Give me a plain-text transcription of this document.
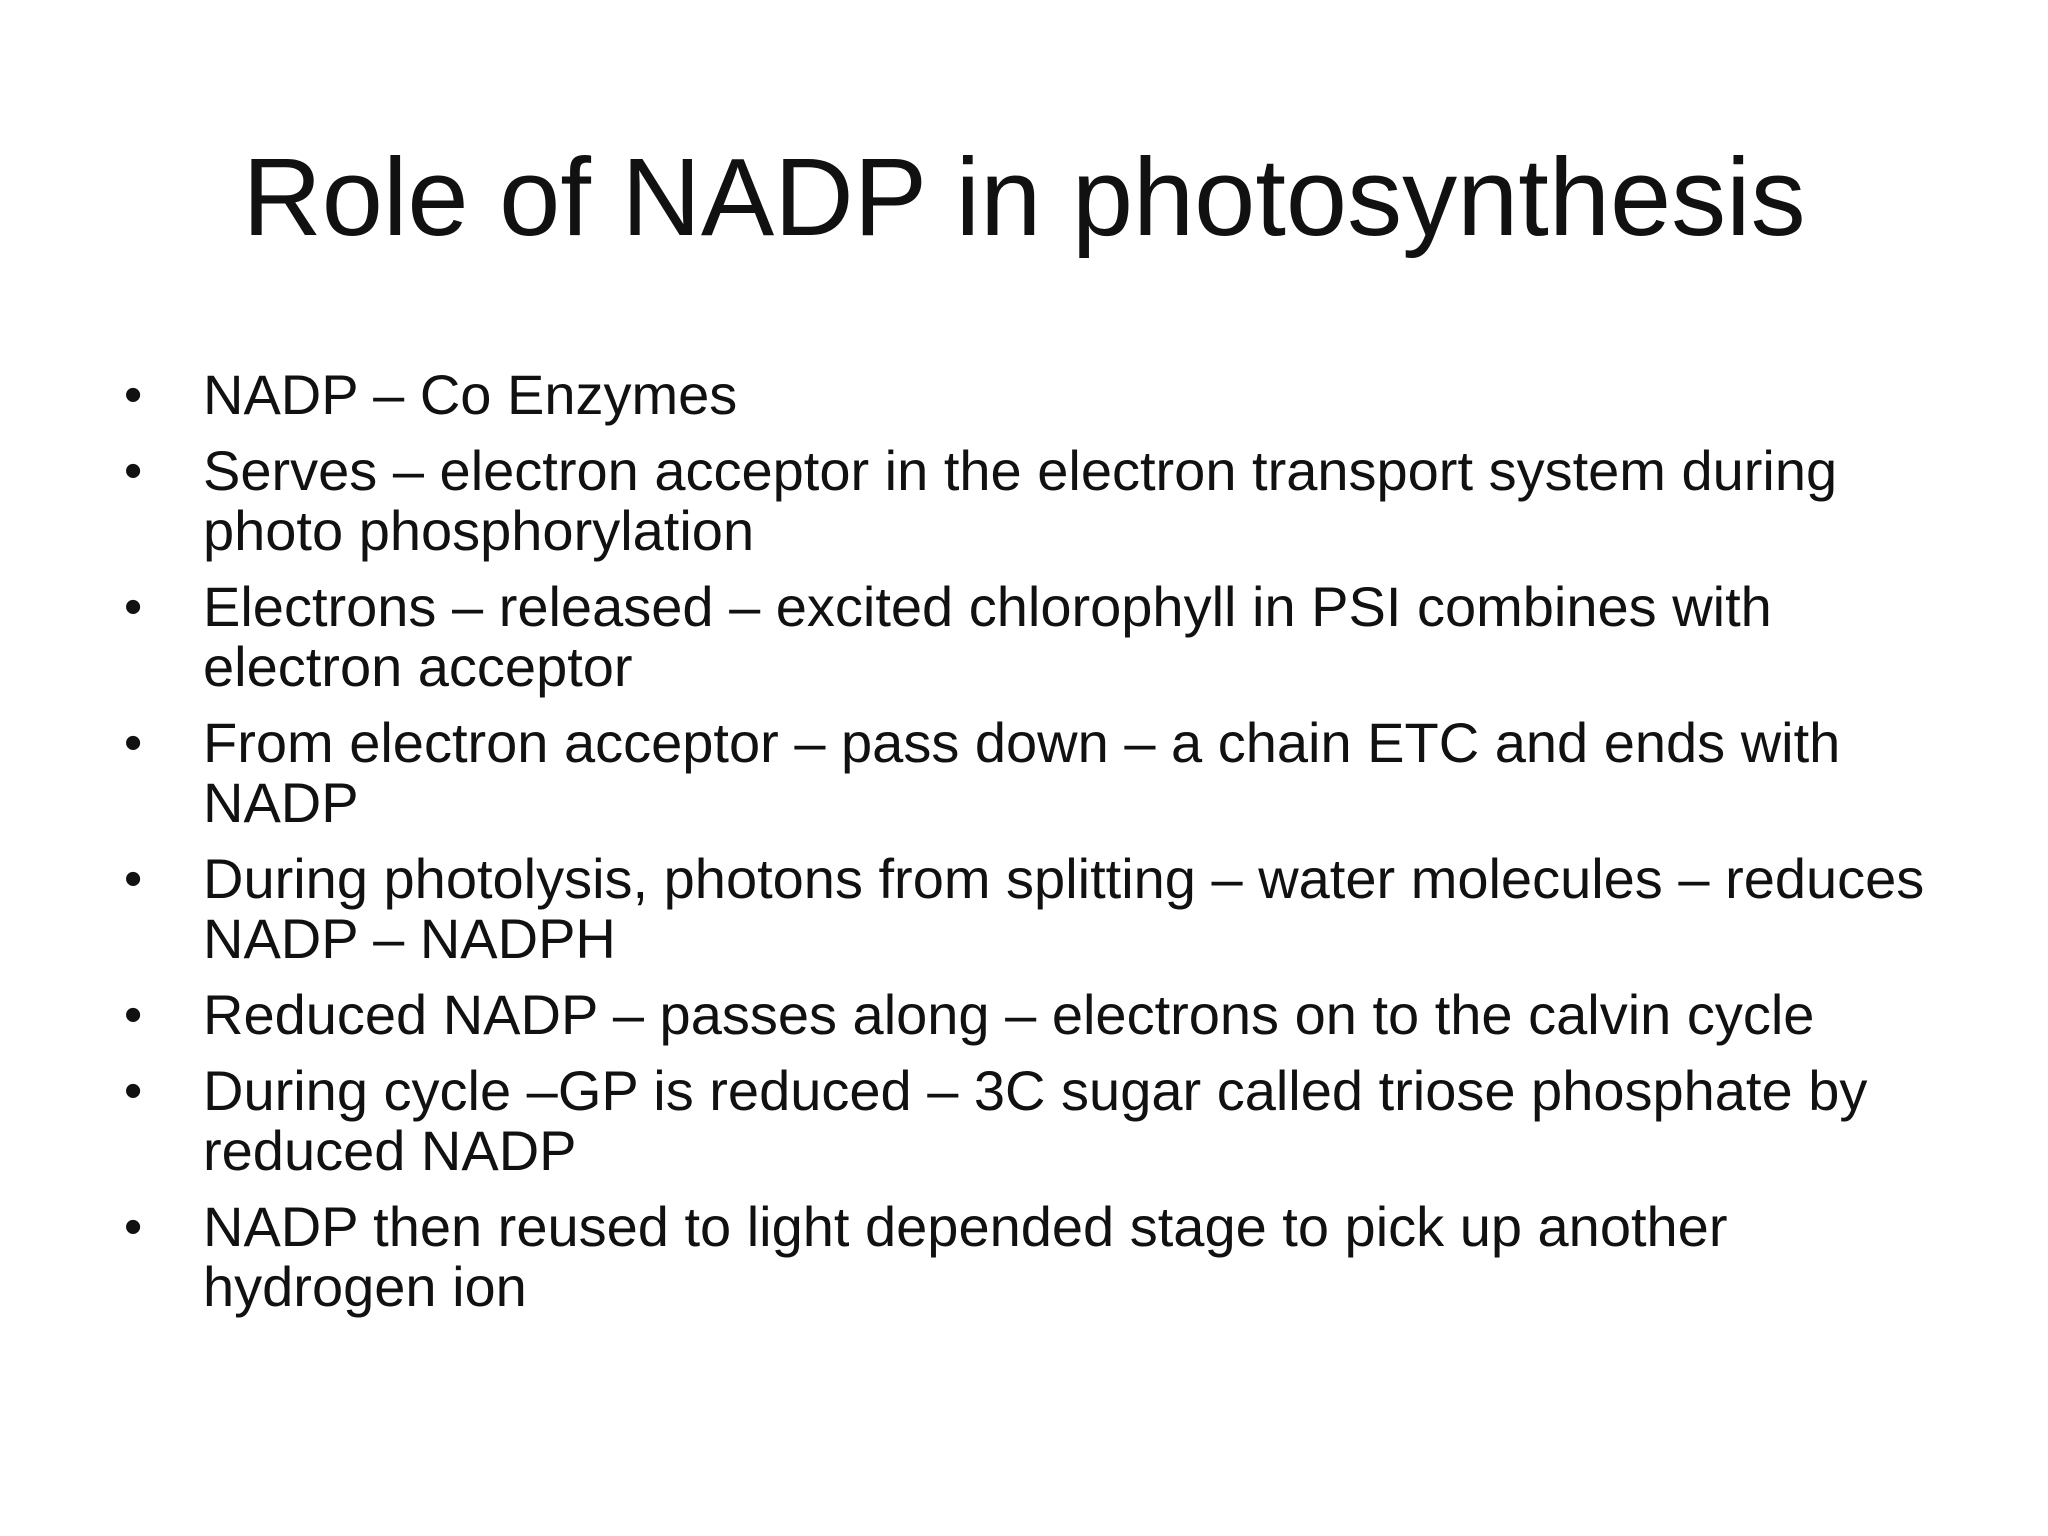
Role of NADP in photosynthesis
•	NADP – Co Enzymes
•	Serves – electron acceptor in the electron transport system during photo phosphorylation
•	Electrons – released – excited chlorophyll in PSI combines with electron acceptor
•	From electron acceptor – pass down – a chain ETC and ends with NADP
•	During photolysis, photons from splitting – water molecules – reduces NADP – NADPH
•	Reduced NADP – passes along – electrons on to the calvin cycle
•	During cycle –GP is reduced – 3C sugar called triose phosphate by reduced NADP
•	NADP then reused to light depended stage to pick up another hydrogen ion
